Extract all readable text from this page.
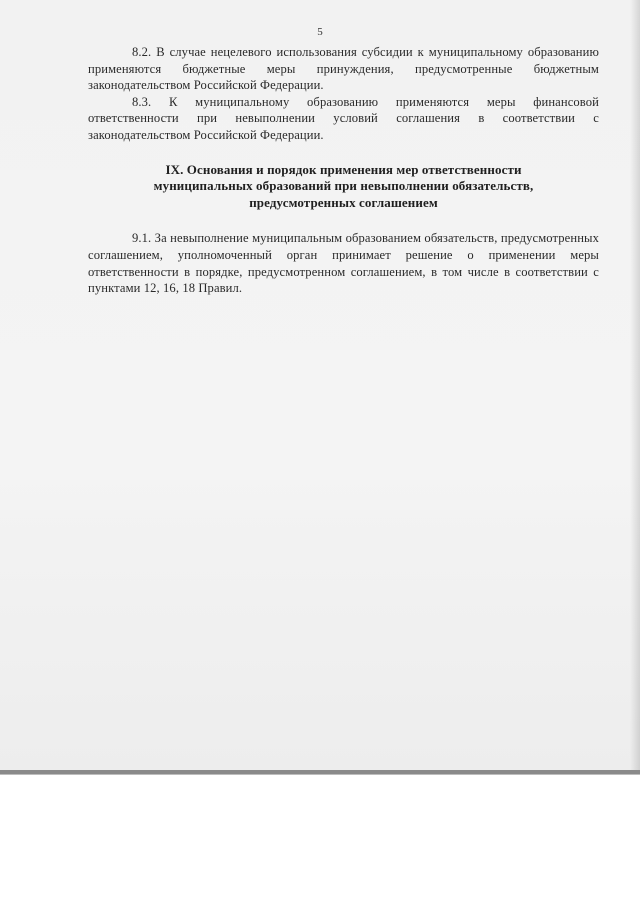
5

8.2. В случае нецелевого использования субсидии к муниципальному образованию применяются бюджетные меры принуждения, предусмотренные бюджетным законодательством Российской Федерации.

8.3. К муниципальному образованию применяются меры финансовой ответственности при невыполнении условий соглашения в соответствии с законодательством Российской Федерации.

IX. Основания и порядок применения мер ответственности
муниципальных образований при невыполнении обязательств,
предусмотренных соглашением

9.1. За невыполнение муниципальным образованием обязательств, предусмотренных соглашением, уполномоченный орган принимает решение о применении меры ответственности в порядке, предусмотренном соглашением, в том числе в соответствии с пунктами 12, 16, 18 Правил.
